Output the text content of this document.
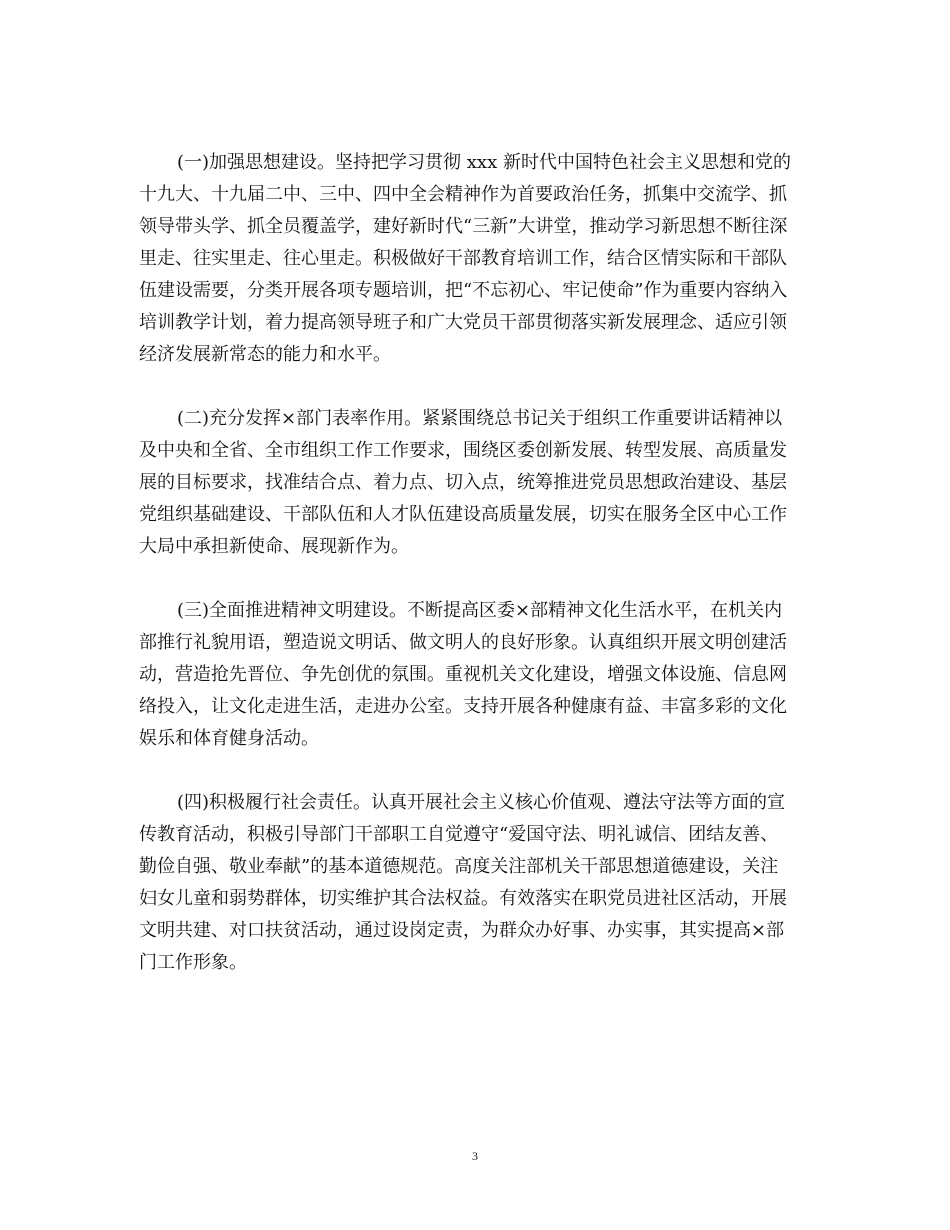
(一)加强思想建设。坚持把学习贯彻 xxx 新时代中国特色社会主义思想和党的
十九大、十九届二中、三中、四中全会精神作为首要政治任务，抓集中交流学、抓
领导带头学、抓全员覆盖学，建好新时代“三新”大讲堂，推动学习新思想不断往深
里走、往实里走、往心里走。积极做好干部教育培训工作，结合区情实际和干部队
伍建设需要，分类开展各项专题培训，把“不忘初心、牢记使命”作为重要内容纳入
培训教学计划，着力提高领导班子和广大党员干部贯彻落实新发展理念、适应引领
经济发展新常态的能力和水平。

(二)充分发挥×部门表率作用。紧紧围绕总书记关于组织工作重要讲话精神以
及中央和全省、全市组织工作工作要求，围绕区委创新发展、转型发展、高质量发
展的目标要求，找准结合点、着力点、切入点，统筹推进党员思想政治建设、基层
党组织基础建设、干部队伍和人才队伍建设高质量发展，切实在服务全区中心工作
大局中承担新使命、展现新作为。

(三)全面推进精神文明建设。不断提高区委×部精神文化生活水平，在机关内
部推行礼貌用语，塑造说文明话、做文明人的良好形象。认真组织开展文明创建活
动，营造抢先晋位、争先创优的氛围。重视机关文化建设，增强文体设施、信息网
络投入，让文化走进生活，走进办公室。支持开展各种健康有益、丰富多彩的文化
娱乐和体育健身活动。

(四)积极履行社会责任。认真开展社会主义核心价值观、遵法守法等方面的宣
传教育活动，积极引导部门干部职工自觉遵守“爱国守法、明礼诚信、团结友善、
勤俭自强、敬业奉献”的基本道德规范。高度关注部机关干部思想道德建设，关注
妇女儿童和弱势群体，切实维护其合法权益。有效落实在职党员进社区活动，开展
文明共建、对口扶贫活动，通过设岗定责，为群众办好事、办实事，其实提高×部
门工作形象。

3
